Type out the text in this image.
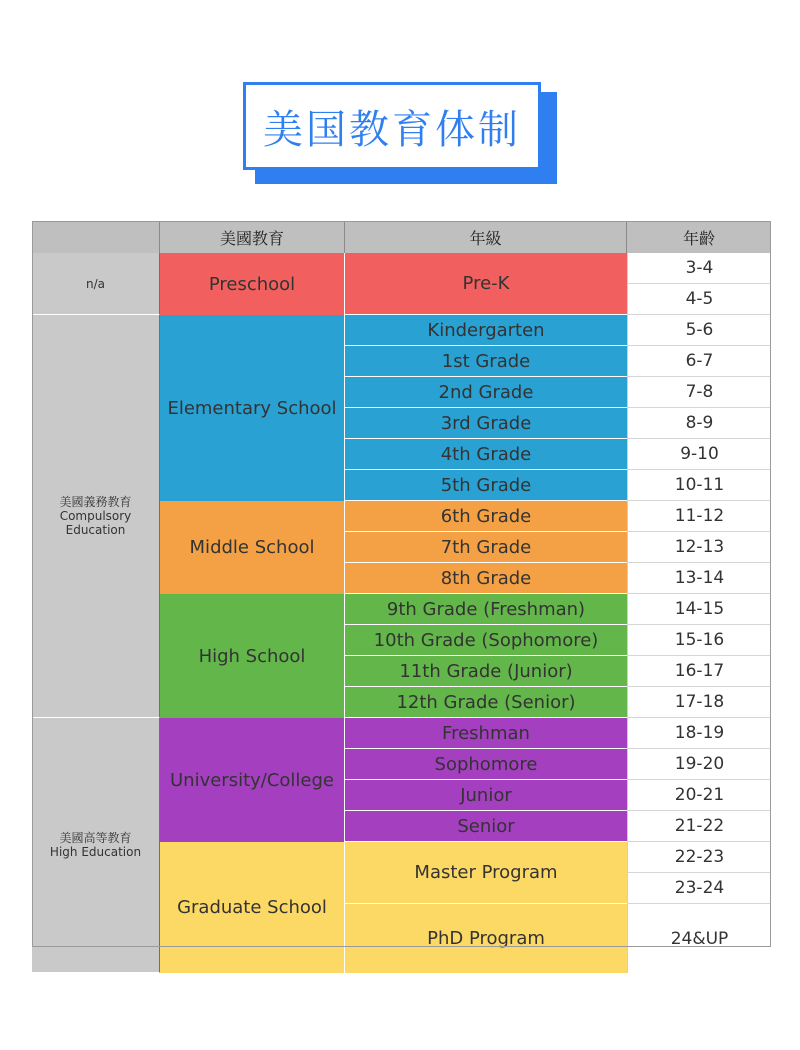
美国教育体制
美國教育	年級	年齡
n/a
美國義務教育
Compulsory
Education
美國高等教育
High Education
Preschool
Elementary School
Middle School
High School
University/College
Graduate School
Pre-K
Kindergarten
1st Grade
2nd Grade
3rd Grade
4th Grade
5th Grade
6th Grade
7th Grade
8th Grade
9th Grade (Freshman)
10th Grade (Sophomore)
11th Grade (Junior)
12th Grade (Senior)
Freshman
Sophomore
Junior
Senior
Master Program
PhD Program
3-4
4-5
5-6
6-7
7-8
8-9
9-10
10-11
11-12
12-13
13-14
14-15
15-16
16-17
17-18
18-19
19-20
20-21
21-22
22-23
23-24
24&UP
